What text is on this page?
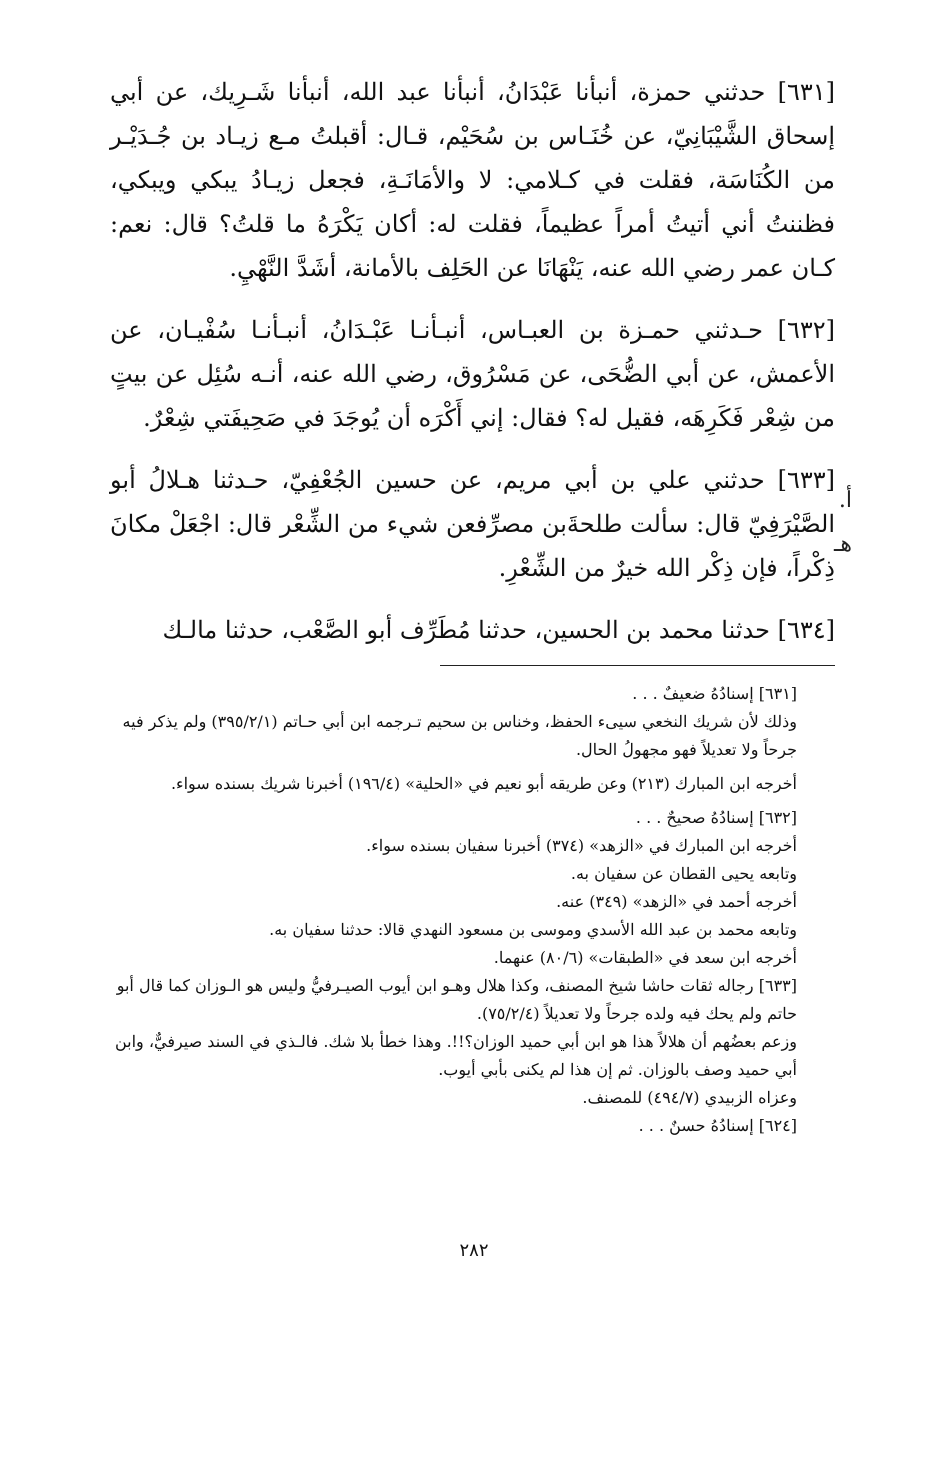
[٦٣١] حدثني حمزة، أنبأنا عَبْدَانُ، أنبأنا عبد الله، أنبأنا شَـرِيك، عن أبي إسحاق الشَّيْبَانِيّ، عن خُنَـاس بن سُحَيْم، قـال: أقبلتُ مـع زيـاد بن جُـدَيْـر من الكُنَاسَة، فقلت في كـلامي: لا والأمَانَـةِ، فجعل زيـادُ يبكي ويبكي، فظننتُ أني أتيتُ أمراً عظيماً، فقلت له: أكان يَكْرَهُ ما قلتُ؟ قال: نعم: كـان عمر رضي الله عنه، يَنْهَانَا عن الحَلِف بالأمانة، أشَدَّ النَّهْيِ.

[٦٣٢] حـدثني حمـزة بن العبـاس، أنبـأنـا عَبْـدَانُ، أنبـأنـا سُفْيـان، عن الأعمش، عن أبي الضُّحَى، عن مَسْرُوق، رضي الله عنه، أنـه سُئِل عن بيتٍ من شِعْر فَكَرِهَه، فقيل له؟ فقال: إني أَكْرَه أن يُوجَدَ في صَحِيفَتي شِعْرٌ.

[٦٣٣] حدثني علي بن أبي مريم، عن حسين الجُعْفِيّ، حـدثنا هـلالُ أبو الصَّيْرَفِيّ قال: سألت طلحةَبن مصرِّفعن شيء من الشِّعْر قال: اجْعَلْ مكانَ ذِكْراً، فإن ذِكْر الله خيرٌ من الشِّعْرِ.

[٦٣٤] حدثنا محمد بن الحسين، حدثنا مُطَرِّف أبو الصَّعْب، حدثنا مالـك

أ.
هـ

[٦٣١] إسنادُهُ ضعيفٌ . . .

وذلك لأن شريك النخعي سيىء الحفظ، وخناس بن سحيم تـرجمه ابن أبي حـاتم (٣٩٥/٢/١) ولم يذكر فيه جرحاً ولا تعديلاً فهو مجهولُ الحال.

أخرجه ابن المبارك (٢١٣) وعن طريقه أبو نعيم في «الحلية» (١٩٦/٤) أخبرنا شريك بسنده سواء.

[٦٣٢] إسنادُهُ صحيحٌ . . .

أخرجه ابن المبارك في «الزهد» (٣٧٤) أخبرنا سفيان بسنده سواء.

وتابعه يحيى القطان عن سفيان به.

أخرجه أحمد في «الزهد» (٣٤٩) عنه.

وتابعه محمد بن عبد الله الأسدي وموسى بن مسعود النهدي قالا: حدثنا سفيان به.

أخرجه ابن سعد في «الطبقات» (٨٠/٦) عنهما.

[٦٣٣] رجاله ثقات حاشا شيخ المصنف، وكذا هلال وهـو ابن أيوب الصيـرفيُّ وليس هو الـوزان كما قال أبو حاتم ولم يحك فيه ولده جرحاً ولا تعديلاً (٧٥/٢/٤).

وزعم بعضُهم أن هلالاً هذا هو ابن أبي حميد الوزان؟!!. وهذا خطأ بلا شك. فالـذي في السند صيرفيٌّ، وابن أبي حميد وصف بالوزان. ثم إن هذا لم يكنى بأبي أيوب.

وعزاه الزبيدي (٤٩٤/٧) للمصنف.

[٦٢٤] إسنادُهُ حسنٌ . . .

٢٨٢
